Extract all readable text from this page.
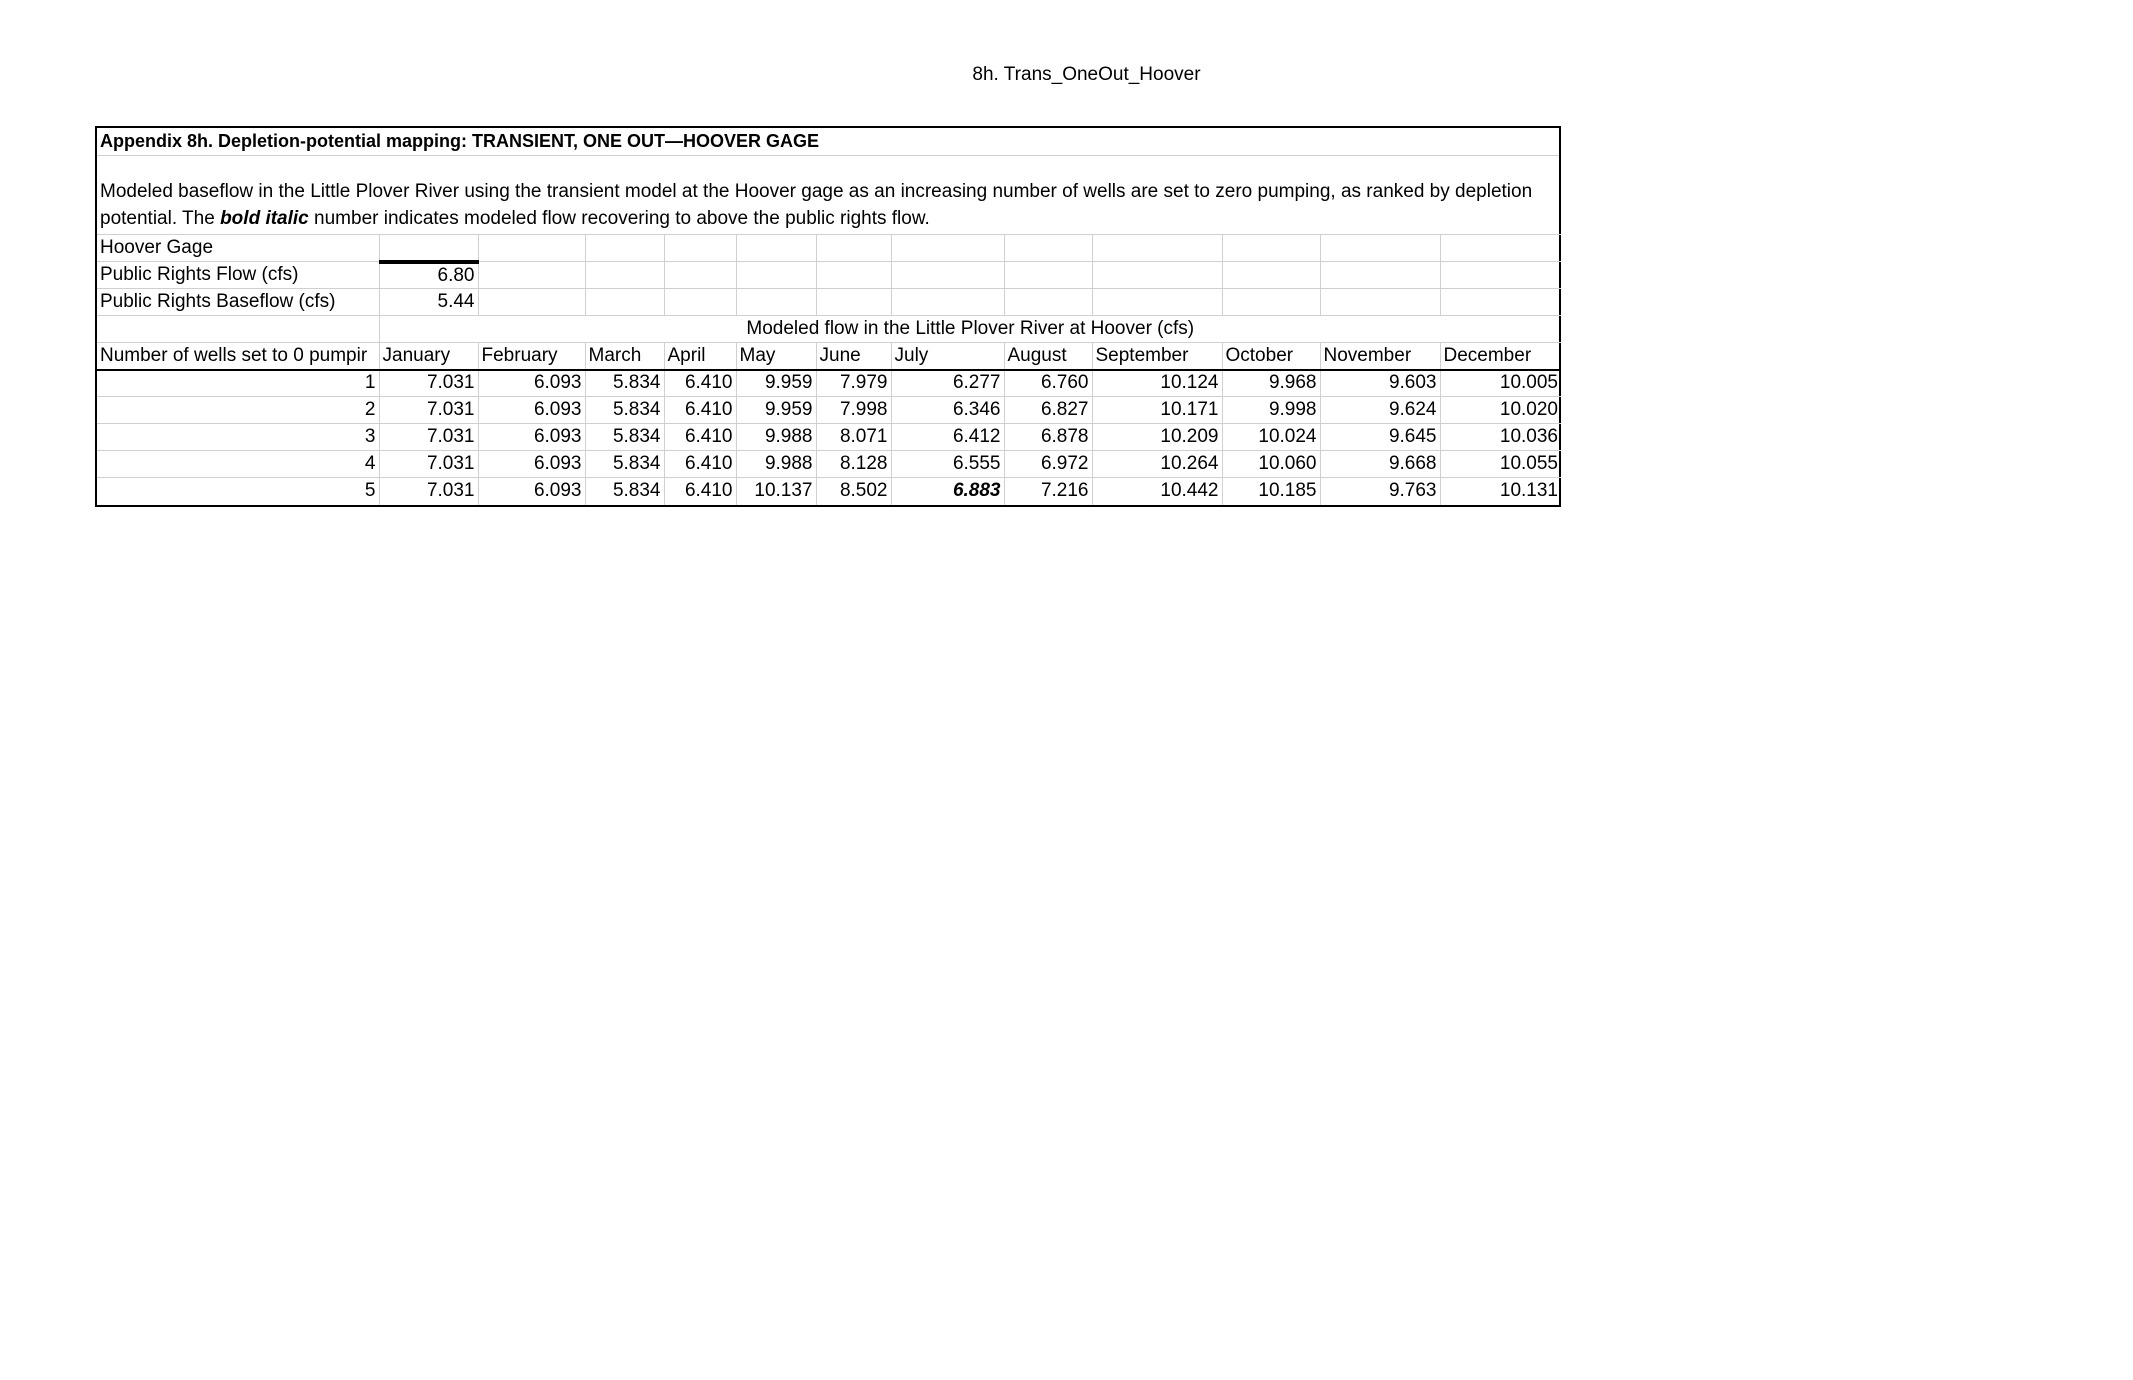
8h. Trans_OneOut_Hoover
Appendix 8h. Depletion-potential mapping: TRANSIENT, ONE OUT—HOOVER GAGE
Modeled baseflow in the Little Plover River using the transient model at the Hoover gage as an increasing number of wells are set to zero pumping, as ranked by depletion potential. The bold italic number indicates modeled flow recovering to above the public rights flow.
Hoover Gage												
Public Rights Flow (cfs)	6.80											
Public Rights Baseflow (cfs)	5.44											
	Modeled flow in the Little Plover River at Hoover (cfs)											
Number of wells set to 0 pumpir	January	February	March	April	May	June	July	August	September	October	November	December
1	7.031	6.093	5.834	6.410	9.959	7.979	6.277	6.760	10.124	9.968	9.603	10.005
2	7.031	6.093	5.834	6.410	9.959	7.998	6.346	6.827	10.171	9.998	9.624	10.020
3	7.031	6.093	5.834	6.410	9.988	8.071	6.412	6.878	10.209	10.024	9.645	10.036
4	7.031	6.093	5.834	6.410	9.988	8.128	6.555	6.972	10.264	10.060	9.668	10.055
5	7.031	6.093	5.834	6.410	10.137	8.502	6.883	7.216	10.442	10.185	9.763	10.131
